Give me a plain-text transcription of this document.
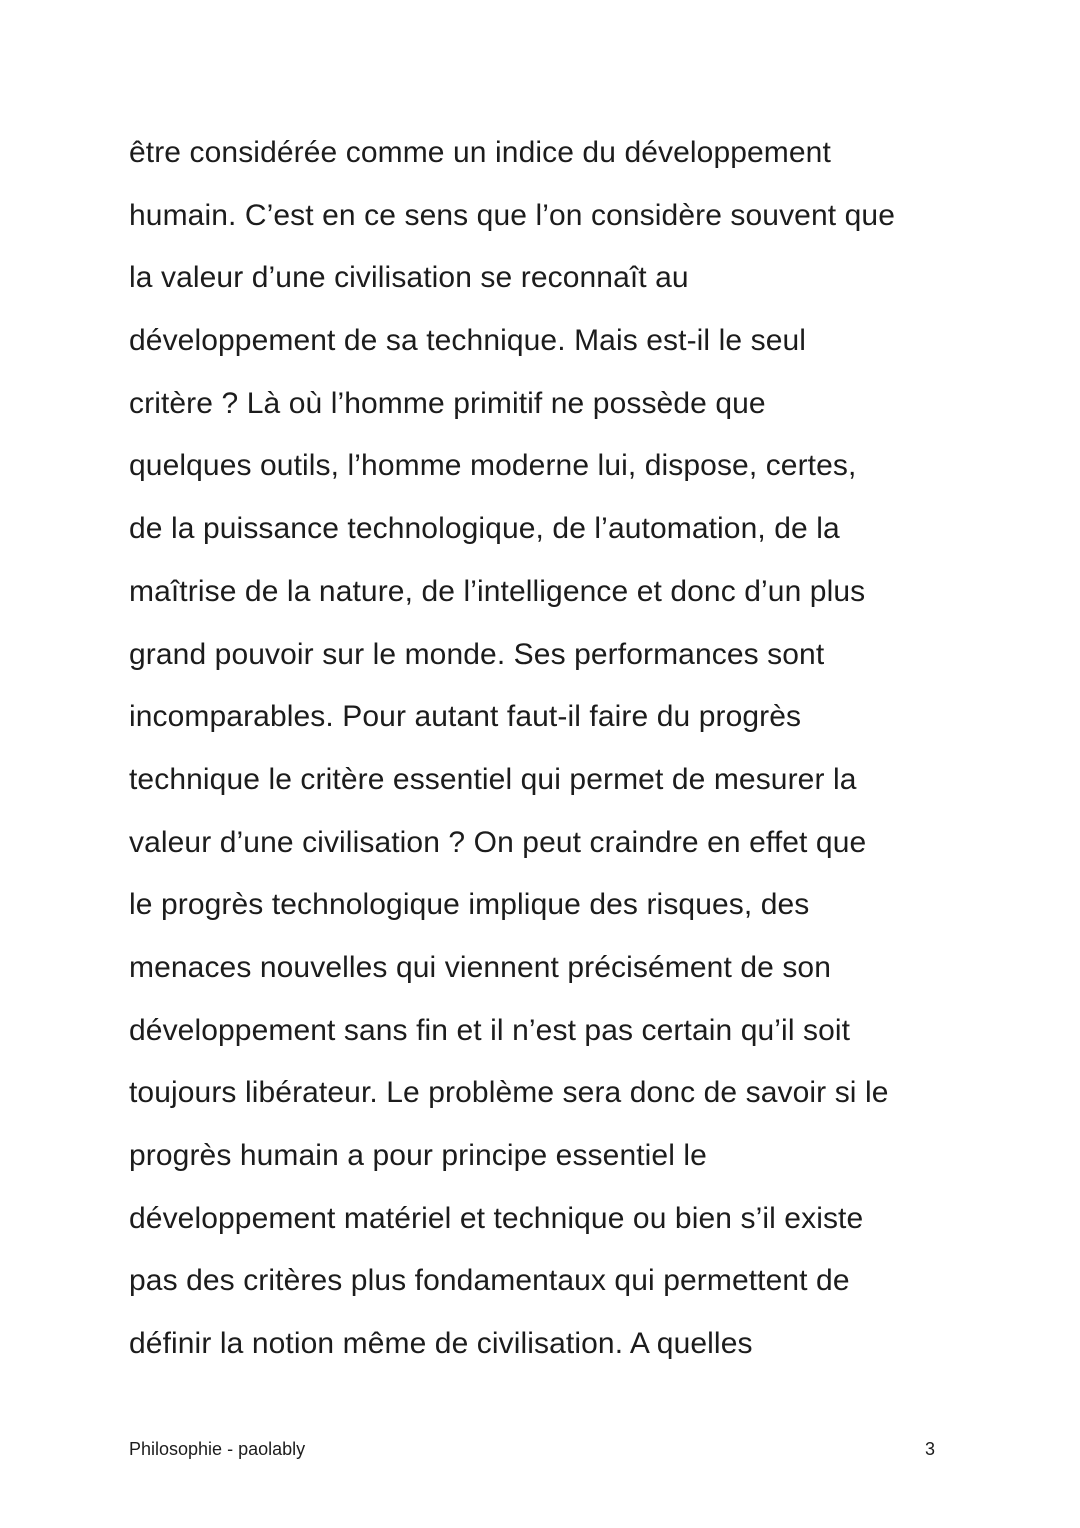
être considérée comme un indice du développement
humain. C’est en ce sens que l’on considère souvent que
la valeur d’une civilisation se reconnaît au
développement de sa technique. Mais est-il le seul
critère ? Là où l’homme primitif ne possède que
quelques outils, l’homme moderne lui, dispose, certes,
de la puissance technologique, de l’automation, de la
maîtrise de la nature, de l’intelligence et donc d’un plus
grand pouvoir sur le monde. Ses performances sont
incomparables. Pour autant faut-il faire du progrès
technique le critère essentiel qui permet de mesurer la
valeur d’une civilisation ? On peut craindre en effet que
le progrès technologique implique des risques, des
menaces nouvelles qui viennent précisément de son
développement sans fin et il n’est pas certain qu’il soit
toujours libérateur. Le problème sera donc de savoir si le
progrès humain a pour principe essentiel le
développement matériel et technique ou bien s’il existe
pas des critères plus fondamentaux qui permettent de
définir la notion même de civilisation. A quelles
Philosophie - paolably	3
